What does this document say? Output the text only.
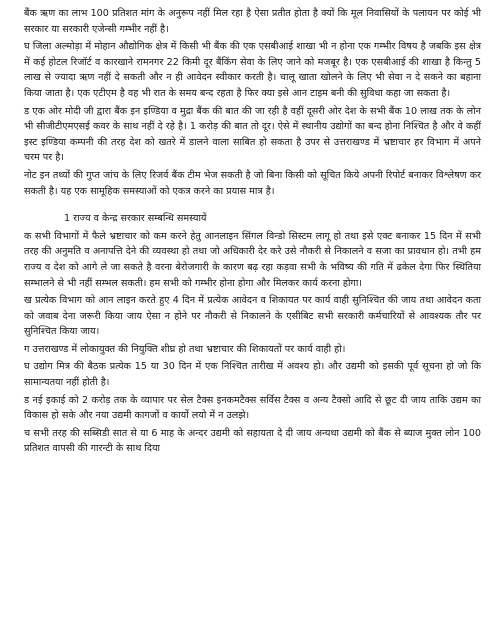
बैंक ऋण का लाभ 100 प्रतिशत मांग के अनुरूप नहीं मिल रहा है ऐसा प्रतीत होता है क्यों कि मूल निवासियों के पलायन पर कोई भी सरकार या सरकारी एजेन्सी गम्भीर नहीं है।

घ जिला अल्मोड़ा में मोहान औद्योगिक क्षेत्र में किसी भी बैंक की एक एसबीआई शाखा भी न होना एक गम्भीर विषय है जबकि इस क्षेत्र में कई होटल रिजॉर्ट व कारखाने रामनगर 22 किमी दूर बैंकिंग सेवा के लिए जाने को मजबूर है। एक एसबीआई की शाखा है किन्तु 5 लाख से ज्यादा ऋण नहीं दे सकती और न ही आवेदन स्वीकार करती है। चालू खाता खोलने के लिए भी सेवा न दे सकने का बहाना किया जाता है। एक एटीएम है वह भी रात के समय बन्द रहता है फिर क्या इसे आन टाइम बनी की सुविधा कहा जा सकता है।

ड एक ओर मोदी जी द्वारा बैंक इन इण्डिया व मुद्रा बैंक की बात की जा रही है वहीं दूसरी ओर देश के सभी बैंक 10 लाख तक के लोन भी सीजीटीएमएसई कवर के साथ नहीं दे रहे है। 1 करोड़ की बात तो दूर। ऐसे में स्थानीय उद्योगों का बन्द होना निश्चित है और वे कहीं इस्ट इण्डिया कम्पनी की तरह देश को खतरे में डालने वाला साबित हो सकता है उपर से उत्तराखण्ड में भ्रष्टाचार हर विभाग में अपने चरम पर है।

नोट इन तथ्यों की गुप्त जांच के लिए रिजर्व बैंक टीम भेज सकती है जो बिना किसी को सूचित किये अपनी रिपोर्ट बनाकर विश्लेषण कर सकती है। यह एक सामूहिक समस्याओं को एकत्र करने का प्रयास मात्र है।

1 राज्य व केन्द्र सरकार सम्बन्धि समस्यायें

क सभी विभागों में फैले भ्रष्टाचार को कम करने हेतु आनलाइन सिंगल विन्डो सिस्टम लागू हो तथा इसे एक्ट बनाकर 15 दिन में सभी तरह की अनुमति व अनापत्ति देने की व्यवस्था हो तथा जो अधिकारी देर करे उसे नौकरी से निकालने व सजा का प्रावधान हो। तभी हम राज्य व देश को आगे ले जा सकते है वरना बेरोजगारी के कारण बढ़ रहा कड़वा सभी के भविष्य की गति में ढकेल देगा फिर स्थितिया सम्भालने से भी नहीं सम्भल सकती। हम सभी को गम्भीर होना होगा और मिलकर कार्य करना होगा।

ख प्रत्येक विभाग को आन लाइन करते हुए 4 दिन में प्रत्येक आवेदन व शिकायत पर कार्य वाही सुनिश्चित की जाय तथा आवेदन कता को जवाब देना जरूरी किया जाय ऐसा न होने पर नौकरी से निकालने के एसीबिट सभी सरकारी कर्मचारियों से आवश्यक तौर पर सुनिश्चित किया जाय।

ग उत्तराखण्ड में लोकायुक्त की नियुक्ति शीघ्र हो तथा भ्रष्टाचार की शिकायतों पर कार्य वाही हो।

घ उद्योग मित्र की बैठक प्रत्येक 15 या 30 दिन में एक निश्चित तारीख में अवश्य हो। और उद्यमी को इसकी पूर्व सूचना हो जो कि सामान्यतया नहीं होती है।

ड नई इकाई को 2 करोड़ तक के व्यापार पर सेल टैक्स इनकमटैक्स सर्विस टैक्स व अन्य टैक्सो आदि से छूट दी जाय ताकि उद्यम का विकास हो सके और नया उद्यमी कागजों व कार्यो लयो में न उलझे।

च सभी तरह की सब्सिडी सात से या 6 माह के अन्दर उद्यमी को सहायता दे दी जाय अन्यथा उद्यमी को बैंक से ब्याज मुक्त लोन 100 प्रतिशत वापसी की गारन्टी के साथ दिया
